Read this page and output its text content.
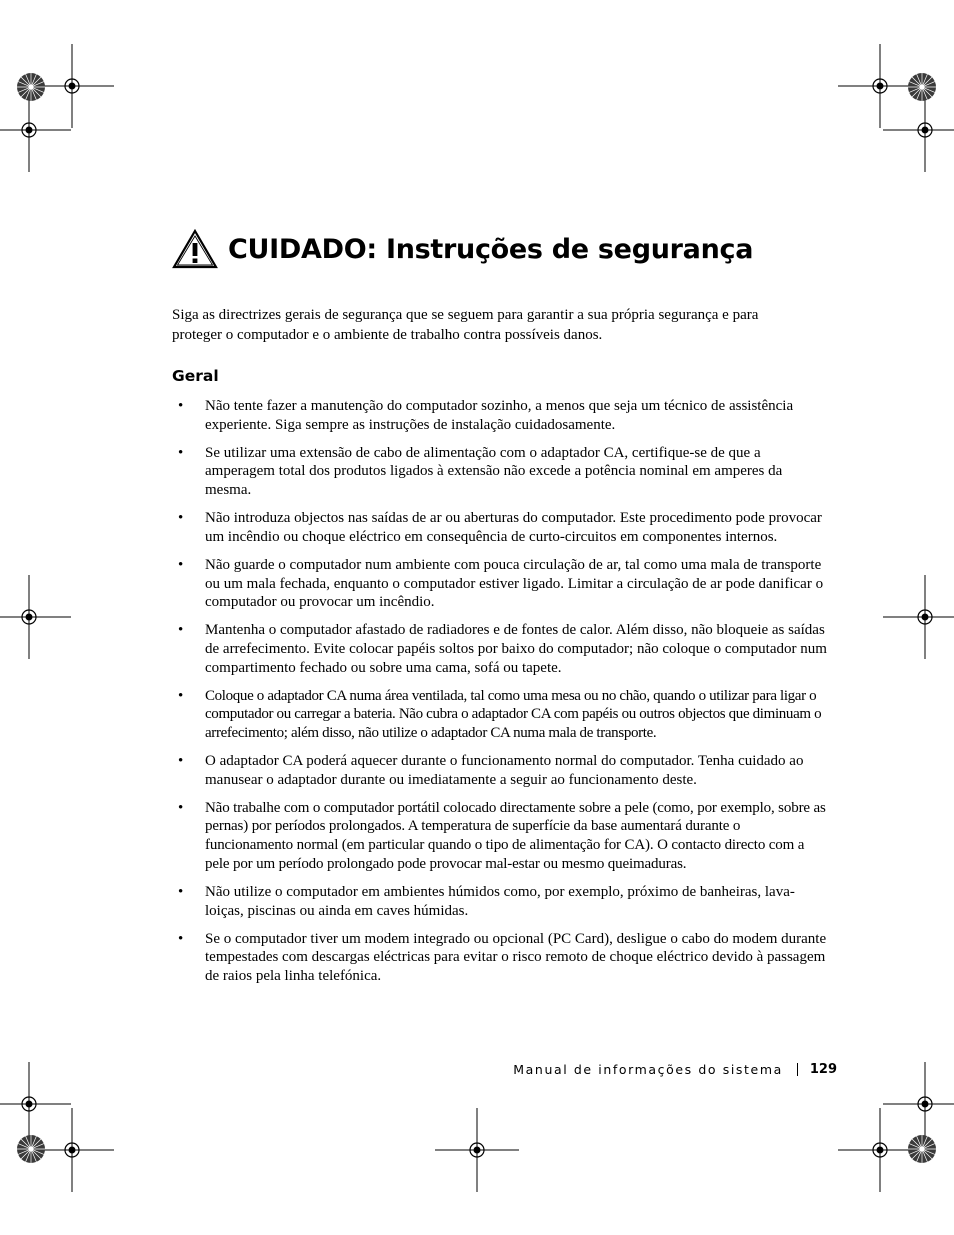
CUIDADO: Instruções de segurança

Siga as directrizes gerais de segurança que se seguem para garantir a sua própria segurança e para proteger o computador e o ambiente de trabalho contra possíveis danos.

Geral
• Não tente fazer a manutenção do computador sozinho, a menos que seja um técnico de assistência experiente. Siga sempre as instruções de instalação cuidadosamente.
• Se utilizar uma extensão de cabo de alimentação com o adaptador CA, certifique-se de que a amperagem total dos produtos ligados à extensão não excede a potência nominal em amperes da mesma.
• Não introduza objectos nas saídas de ar ou aberturas do computador. Este procedimento pode provocar um incêndio ou choque eléctrico em consequência de curto-circuitos em componentes internos.
• Não guarde o computador num ambiente com pouca circulação de ar, tal como uma mala de transporte ou um mala fechada, enquanto o computador estiver ligado. Limitar a circulação de ar pode danificar o computador ou provocar um incêndio.
• Mantenha o computador afastado de radiadores e de fontes de calor. Além disso, não bloqueie as saídas de arrefecimento. Evite colocar papéis soltos por baixo do computador; não coloque o computador num compartimento fechado ou sobre uma cama, sofá ou tapete.
• Coloque o adaptador CA numa área ventilada, tal como uma mesa ou no chão, quando o utilizar para ligar o computador ou carregar a bateria. Não cubra o adaptador CA com papéis ou outros objectos que diminuam o arrefecimento; além disso, não utilize o adaptador CA numa mala de transporte.
• O adaptador CA poderá aquecer durante o funcionamento normal do computador. Tenha cuidado ao manusear o adaptador durante ou imediatamente a seguir ao funcionamento deste.
• Não trabalhe com o computador portátil colocado directamente sobre a pele (como, por exemplo, sobre as pernas) por períodos prolongados. A temperatura de superfície da base aumentará durante o funcionamento normal (em particular quando o tipo de alimentação for CA). O contacto directo com a pele por um período prolongado pode provocar mal-estar ou mesmo queimaduras.
• Não utilize o computador em ambientes húmidos como, por exemplo, próximo de banheiras, lava-loiças, piscinas ou ainda em caves húmidas.
• Se o computador tiver um modem integrado ou opcional (PC Card), desligue o cabo do modem durante tempestades com descargas eléctricas para evitar o risco remoto de choque eléctrico devido à passagem de raios pela linha telefónica.
Manual de informações do sistema 129
